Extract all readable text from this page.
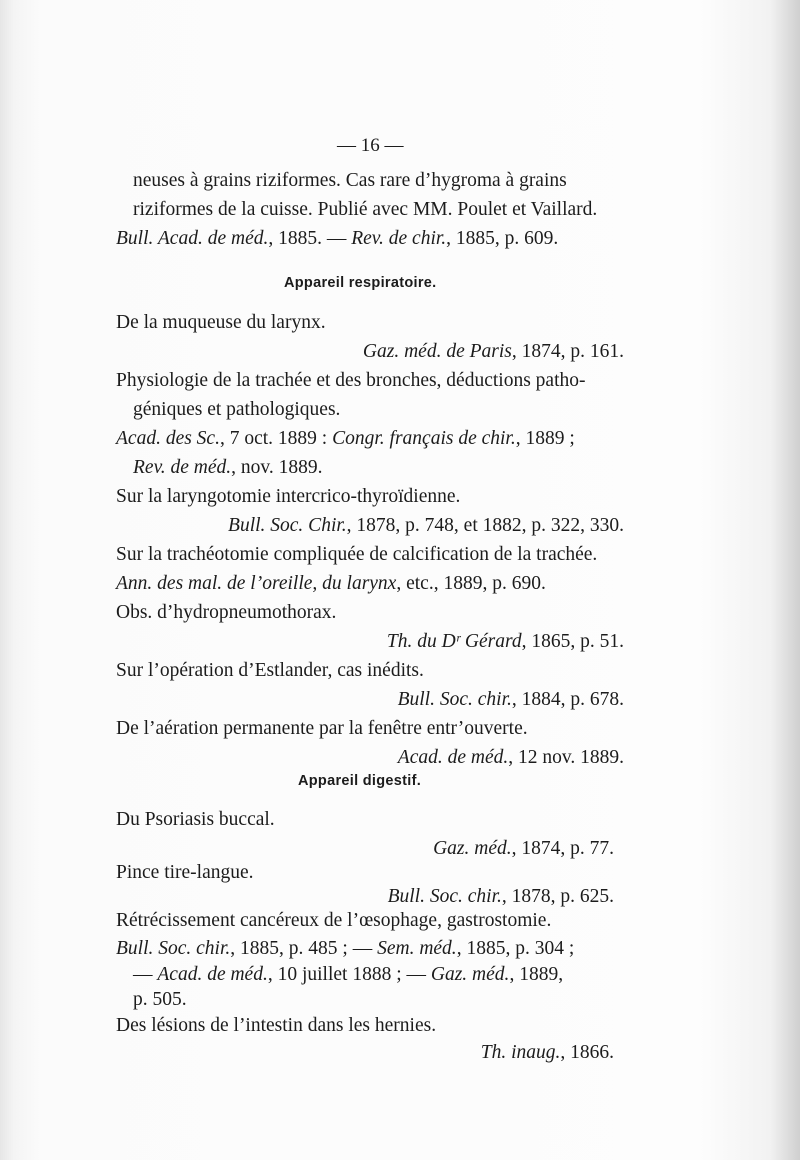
— 16 —
neuses à grains riziformes. Cas rare d’hygroma à grains
riziformes de la cuisse. Publié avec MM. Poulet et Vaillard.
Bull. Acad. de méd., 1885. — Rev. de chir., 1885, p. 609.
Appareil respiratoire.
De la muqueuse du larynx.
Gaz. méd. de Paris, 1874, p. 161.
Physiologie de la trachée et des bronches, déductions patho-
géniques et pathologiques.
Acad. des Sc., 7 oct. 1889 : Congr. français de chir., 1889 ;
Rev. de méd., nov. 1889.
Sur la laryngotomie intercrico-thyroïdienne.
Bull. Soc. Chir., 1878, p. 748, et 1882, p. 322, 330.
Sur la trachéotomie compliquée de calcification de la trachée.
Ann. des mal. de l’oreille, du larynx, etc., 1889, p. 690.
Obs. d’hydropneumothorax.
Th. du Dʳ Gérard, 1865, p. 51.
Sur l’opération d’Estlander, cas inédits.
Bull. Soc. chir., 1884, p. 678.
De l’aération permanente par la fenêtre entr’ouverte.
Acad. de méd., 12 nov. 1889.
Appareil digestif.
Du Psoriasis buccal.
Gaz. méd., 1874, p. 77.
Pince tire-langue.
Bull. Soc. chir., 1878, p. 625.
Rétrécissement cancéreux de l’œsophage, gastrostomie.
Bull. Soc. chir., 1885, p. 485 ; — Sem. méd., 1885, p. 304 ;
— Acad. de méd., 10 juillet 1888 ; — Gaz. méd., 1889,
p. 505.
Des lésions de l’intestin dans les hernies.
Th. inaug., 1866.
